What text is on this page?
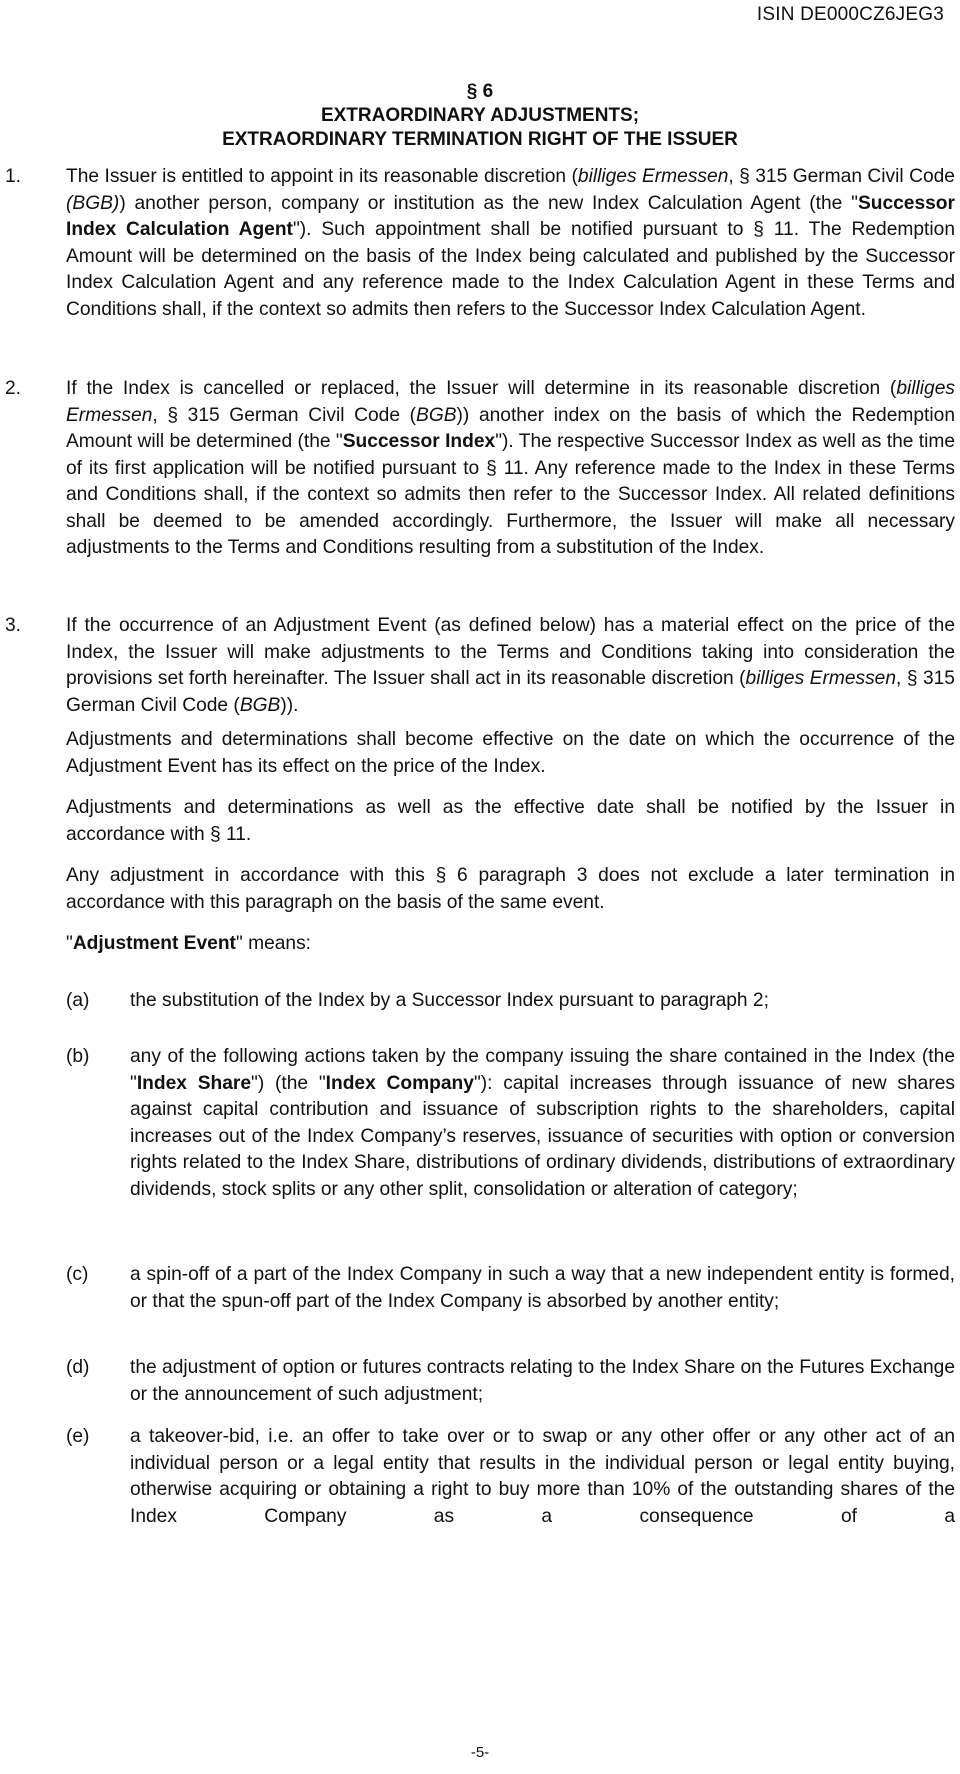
ISIN DE000CZ6JEG3
§ 6
EXTRAORDINARY ADJUSTMENTS;
EXTRAORDINARY TERMINATION RIGHT OF THE ISSUER
1. The Issuer is entitled to appoint in its reasonable discretion (billiges Ermessen, § 315 German Civil Code (BGB)) another person, company or institution as the new Index Calculation Agent (the "Successor Index Calculation Agent"). Such appointment shall be notified pursuant to § 11. The Redemption Amount will be determined on the basis of the Index being calculated and published by the Successor Index Calculation Agent and any reference made to the Index Calculation Agent in these Terms and Conditions shall, if the context so admits then refers to the Successor Index Calculation Agent.
2. If the Index is cancelled or replaced, the Issuer will determine in its reasonable discretion (billiges Ermessen, § 315 German Civil Code (BGB)) another index on the basis of which the Redemption Amount will be determined (the "Successor Index"). The respective Successor Index as well as the time of its first application will be notified pursuant to § 11. Any reference made to the Index in these Terms and Conditions shall, if the context so admits then refer to the Successor Index. All related definitions shall be deemed to be amended accordingly. Furthermore, the Issuer will make all necessary adjustments to the Terms and Conditions resulting from a substitution of the Index.
3. If the occurrence of an Adjustment Event (as defined below) has a material effect on the price of the Index, the Issuer will make adjustments to the Terms and Conditions taking into consideration the provisions set forth hereinafter. The Issuer shall act in its reasonable discretion (billiges Ermessen, § 315 German Civil Code (BGB)).
Adjustments and determinations shall become effective on the date on which the occurrence of the Adjustment Event has its effect on the price of the Index.
Adjustments and determinations as well as the effective date shall be notified by the Issuer in accordance with § 11.
Any adjustment in accordance with this § 6 paragraph 3 does not exclude a later termination in accordance with this paragraph on the basis of the same event.
"Adjustment Event" means:
(a) the substitution of the Index by a Successor Index pursuant to paragraph 2;
(b) any of the following actions taken by the company issuing the share contained in the Index (the "Index Share") (the "Index Company"): capital increases through issuance of new shares against capital contribution and issuance of subscription rights to the shareholders, capital increases out of the Index Company’s reserves, issuance of securities with option or conversion rights related to the Index Share, distributions of ordinary dividends, distributions of extraordinary dividends, stock splits or any other split, consolidation or alteration of category;
(c) a spin-off of a part of the Index Company in such a way that a new independent entity is formed, or that the spun-off part of the Index Company is absorbed by another entity;
(d) the adjustment of option or futures contracts relating to the Index Share on the Futures Exchange or the announcement of such adjustment;
(e) a takeover-bid, i.e. an offer to take over or to swap or any other offer or any other act of an individual person or a legal entity that results in the individual person or legal entity buying, otherwise acquiring or obtaining a right to buy more than 10% of the outstanding shares of the Index Company as a consequence of a
-5-
